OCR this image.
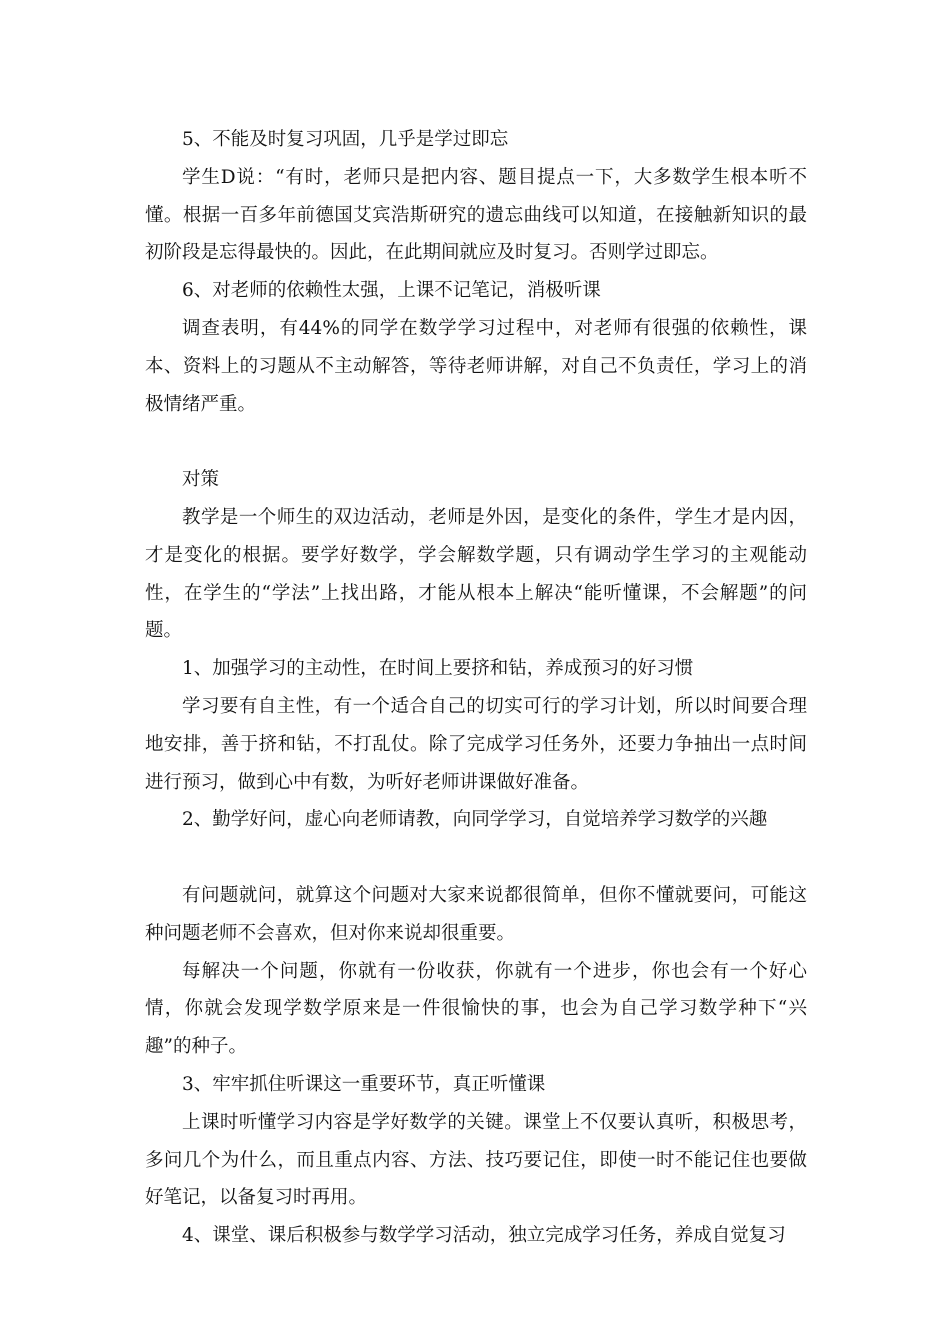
5、不能及时复习巩固，几乎是学过即忘

学生D说：“有时，老师只是把内容、题目提点一下，大多数学生根本听不懂。根据一百多年前德国艾宾浩斯研究的遗忘曲线可以知道，在接触新知识的最初阶段是忘得最快的。因此，在此期间就应及时复习。否则学过即忘。

6、对老师的依赖性太强，上课不记笔记，消极听课

调查表明，有44%的同学在数学学习过程中，对老师有很强的依赖性，课本、资料上的习题从不主动解答，等待老师讲解，对自己不负责任，学习上的消极情绪严重。

对策

教学是一个师生的双边活动，老师是外因，是变化的条件，学生才是内因，才是变化的根据。要学好数学，学会解数学题，只有调动学生学习的主观能动性，在学生的“学法”上找出路，才能从根本上解决“能听懂课，不会解题”的问题。

1、加强学习的主动性，在时间上要挤和钻，养成预习的好习惯

学习要有自主性，有一个适合自己的切实可行的学习计划，所以时间要合理地安排，善于挤和钻，不打乱仗。除了完成学习任务外，还要力争抽出一点时间进行预习，做到心中有数，为听好老师讲课做好准备。

2、勤学好问，虚心向老师请教，向同学学习，自觉培养学习数学的兴趣

有问题就问，就算这个问题对大家来说都很简单，但你不懂就要问，可能这种问题老师不会喜欢，但对你来说却很重要。

每解决一个问题，你就有一份收获，你就有一个进步，你也会有一个好心情，你就会发现学数学原来是一件很愉快的事，也会为自己学习数学种下“兴趣”的种子。

3、牢牢抓住听课这一重要环节，真正听懂课

上课时听懂学习内容是学好数学的关键。课堂上不仅要认真听，积极思考，多问几个为什么，而且重点内容、方法、技巧要记住，即使一时不能记住也要做好笔记，以备复习时再用。

4、课堂、课后积极参与数学学习活动，独立完成学习任务，养成自觉复习
